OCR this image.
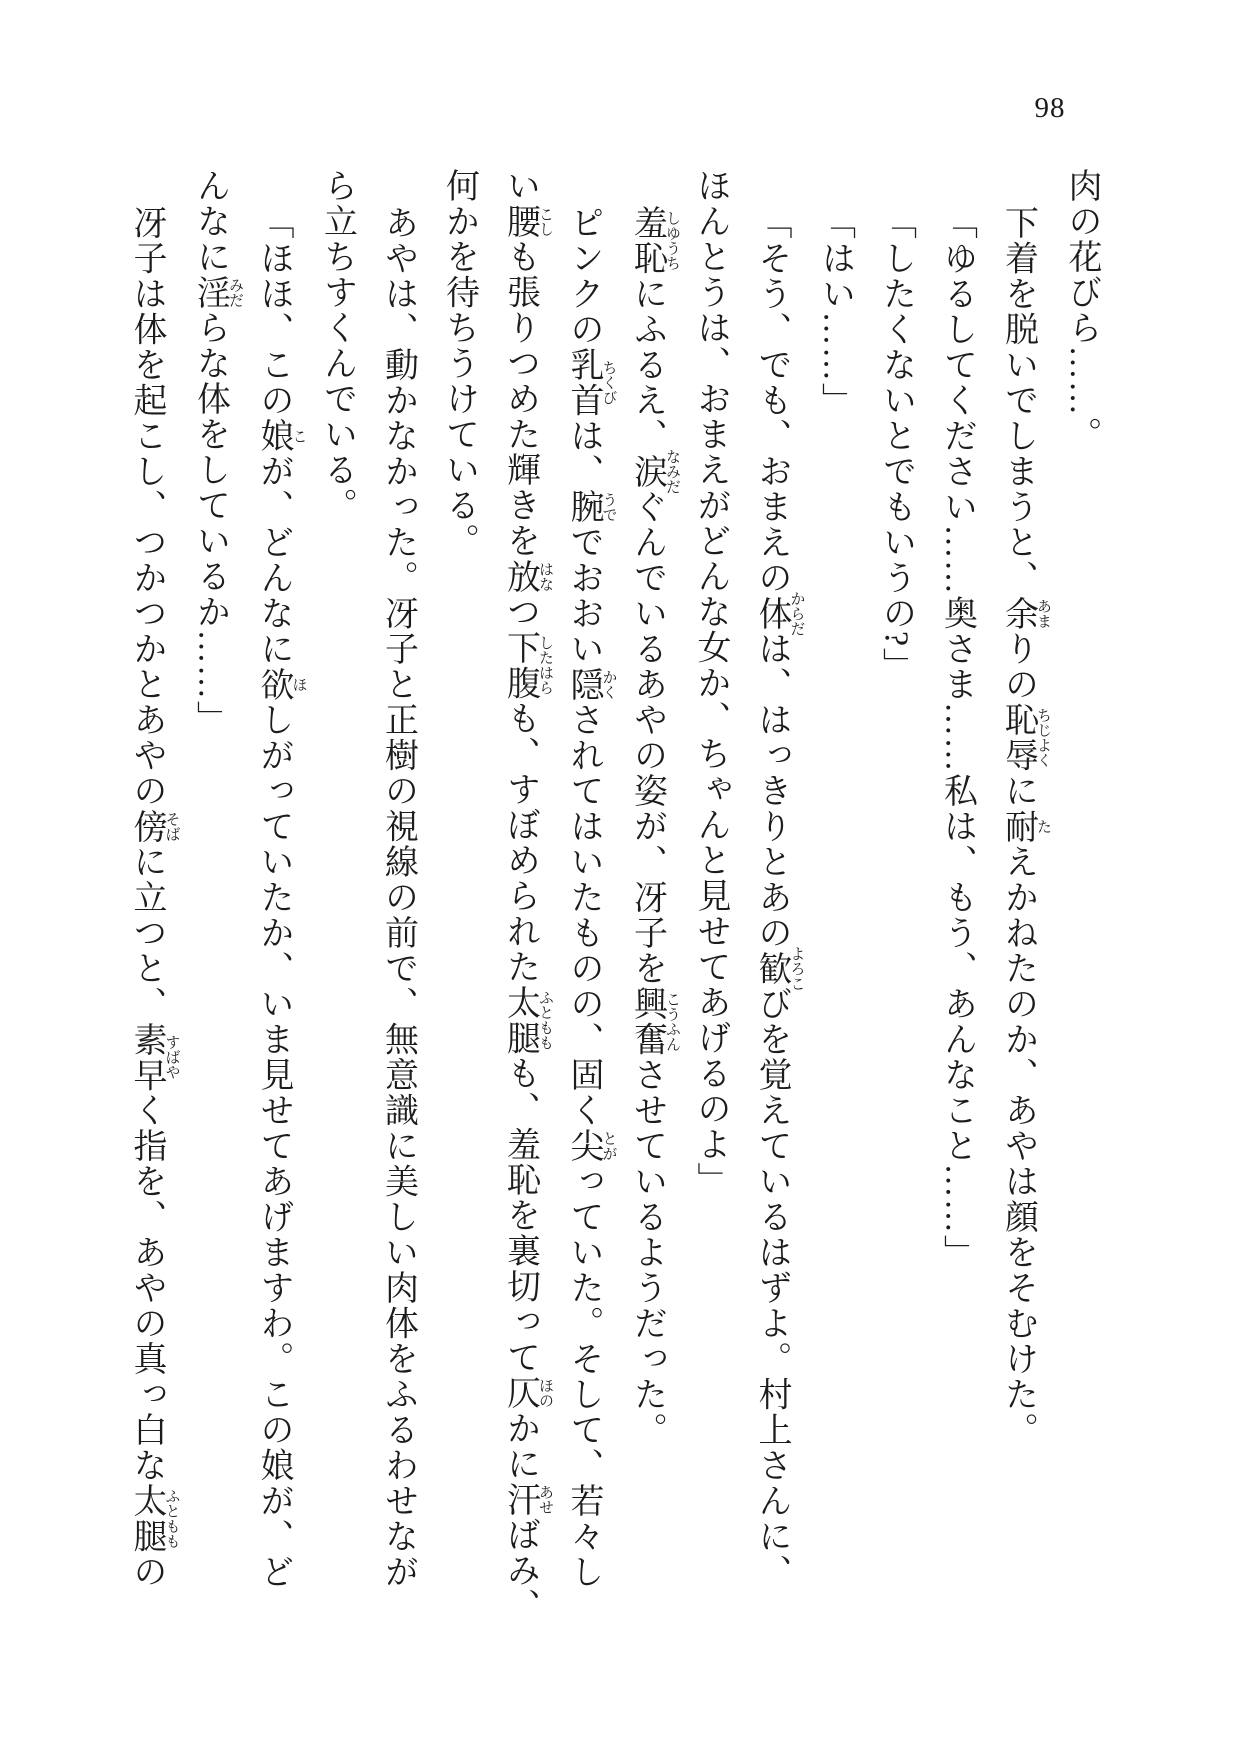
98

肉の花びら……。

下着を脱いでしまうと、余あまりの恥辱ちじよくに耐たえかねたのか、あやは顔をそむけた。

「ゆるしてください……奥さま……私は、もう、あんなこと……」

「したくないとでもいうの?」

「はい……」

「そう、でも、おまえの体からだは、はっきりとあの歓よろこびを覚えているはずよ。村上さんに、

ほんとうは、おまえがどんな女か、ちゃんと見せてあげるのよ」

羞恥しゆうちにふるえ、涙なみだぐんでいるあやの姿が、冴子を興奮こうふんさせているようだった。

ピンクの乳首ちくびは、腕うででおおい隠かくされてはいたものの、固く尖とがっていた。そして、若々し

い腰こしも張りつめた輝きを放はなつ下腹したはらも、すぼめられた太腿ふとももも、羞恥を裏切って仄ほのかに汗あせばみ、

何かを待ちうけている。

あやは、動かなかった。冴子と正樹の視線の前で、無意識に美しい肉体をふるわせなが

ら立ちすくんでいる。

「ほほ、この娘こが、どんなに欲ほしがっていたか、いま見せてあげますわ。この娘が、ど

んなに淫みだらな体をしているか……」

冴子は体を起こし、つかつかとあやの傍そばに立つと、素早すばやく指を、あやの真っ白な太腿ふとももの
